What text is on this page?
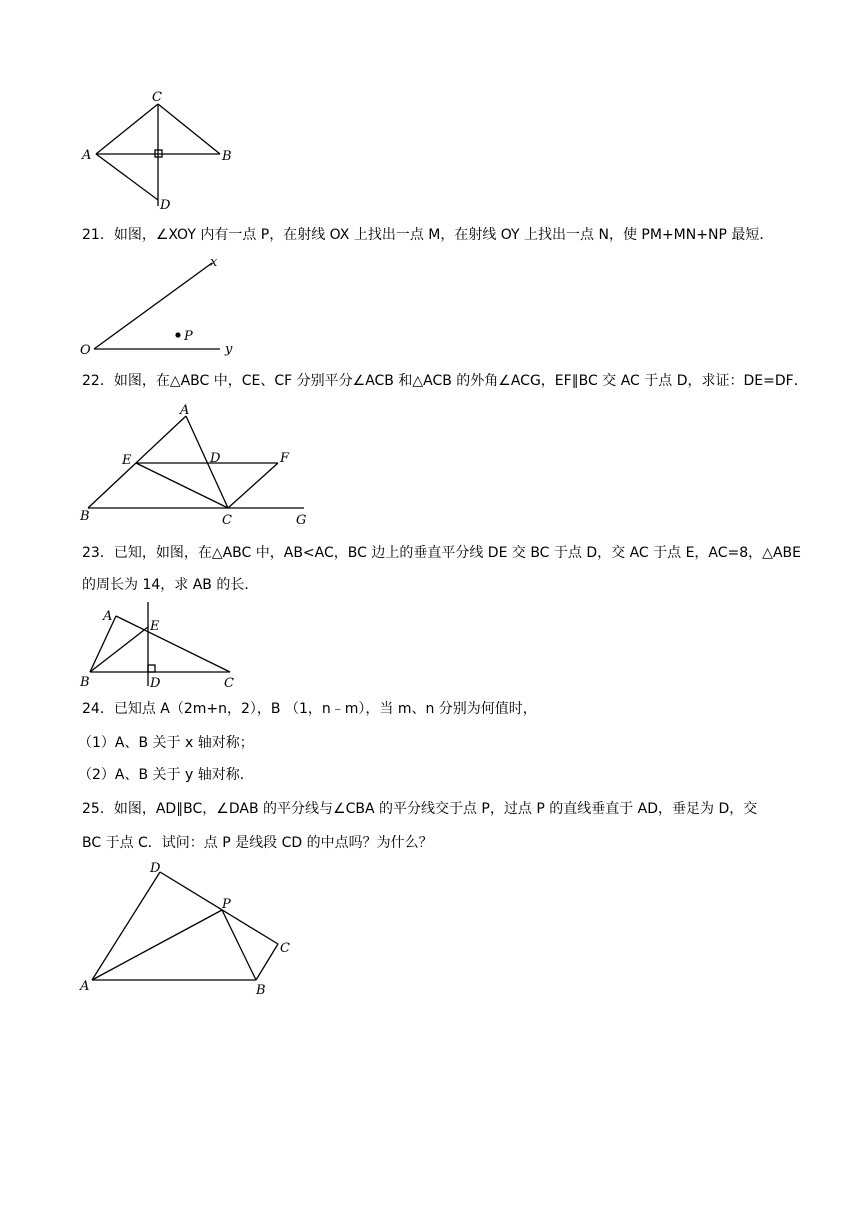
C
A	B
D
21．如图，∠XOY 内有一点 P，在射线 OX 上找出一点 M，在射线 OY 上找出一点 N，使 PM+MN+NP 最短．
O
x
y
P
22．如图，在△ABC 中，CE、CF 分别平分∠ACB 和△ACB 的外角∠ACG，EF∥BC 交 AC 于点 D，求证：DE=DF．
A
E	D	F
B	C	G
23．已知，如图，在△ABC 中，AB<AC，BC 边上的垂直平分线 DE 交 BC 于点 D，交 AC 于点 E，AC=8，△ABE
的周长为 14，求 AB 的长．
A
E
B	D	C
24．已知点 A（2m+n，2），B （1，n﹣m），当 m、n 分别为何值时，
（1）A、B 关于 x 轴对称；
（2）A、B 关于 y 轴对称．
25．如图，AD∥BC，∠DAB 的平分线与∠CBA 的平分线交于点 P，过点 P 的直线垂直于 AD，垂足为 D，交
BC 于点 C．试问：点 P 是线段 CD 的中点吗？为什么？
D
P
C
A	B
